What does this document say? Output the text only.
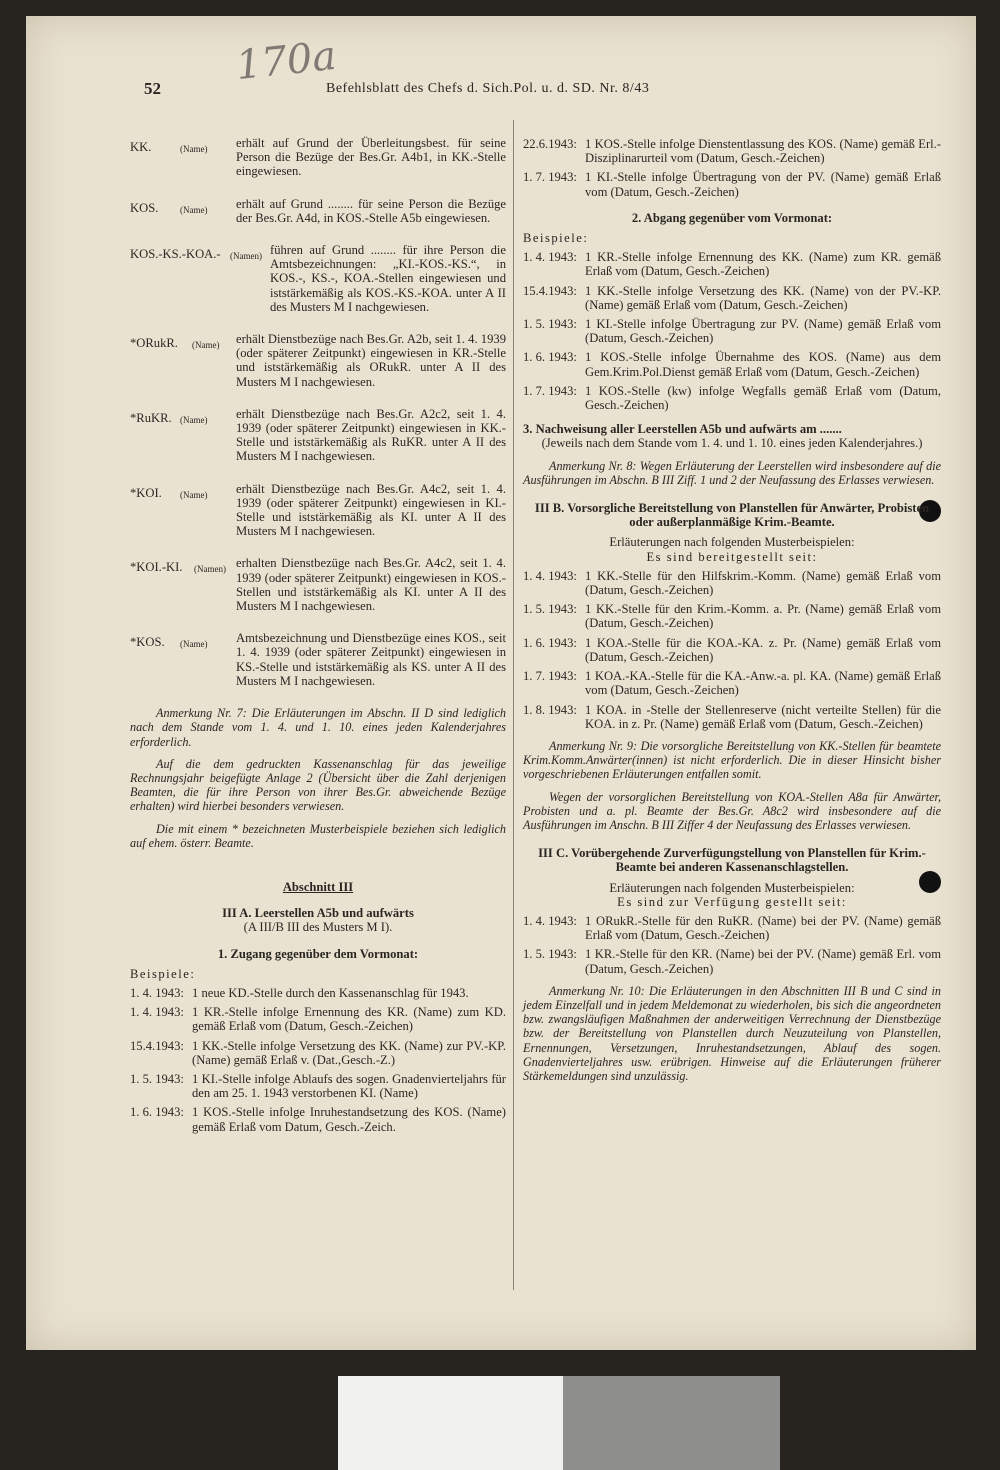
170a
52	Befehlsblatt des Chefs d. Sich.Pol. u. d. SD. Nr. 8/43
KK.	(Name)	erhält auf Grund der Überleitungsbest. für seine Person die Bezüge der Bes.Gr. A4b1, in KK.-Stelle eingewiesen.
KOS.	(Name)	erhält auf Grund ........ für seine Person die Bezüge der Bes.Gr. A4d, in KOS.-Stelle A5b eingewiesen.
KOS.-KS.-KOA.-	(Namen) führen auf Grund ........ für ihre Person die Amtsbezeichnungen: „KI.-KOS.-KS.“, in KOS.-, KS.-, KOA.-Stellen eingewiesen und iststärkemäßig als KOS.-KS.-KOA. unter A II des Musters M I nachgewiesen.
*ORukR.	(Name)	erhält Dienstbezüge nach Bes.Gr. A2b, seit 1. 4. 1939 (oder späterer Zeitpunkt) eingewiesen in KR.-Stelle und iststärkemäßig als ORukR. unter A II des Musters M I nachgewiesen.
*RuKR. (Name)	erhält Dienstbezüge nach Bes.Gr. A2c2, seit 1. 4. 1939 (oder späterer Zeitpunkt) eingewiesen in KK.-Stelle und iststärkemäßig als RuKR. unter A II des Musters M I nachgewiesen.
*KOI.	(Name)	erhält Dienstbezüge nach Bes.Gr. A4c2, seit 1. 4. 1939 (oder späterer Zeitpunkt) eingewiesen in KI.-Stelle und iststärkemäßig als KI. unter A II des Musters M I nachgewiesen.
*KOI.-KI.	(Namen) erhalten Dienstbezüge nach Bes.Gr. A4c2, seit 1. 4. 1939 (oder späterer Zeitpunkt) eingewiesen in KOS.-Stellen und iststärkemäßig als KI. unter A II des Musters M I nachgewiesen.
*KOS.	(Name)	Amtsbezeichnung und Dienstbezüge eines KOS., seit 1. 4. 1939 (oder späterer Zeitpunkt) eingewiesen in KS.-Stelle und iststärkemäßig als KS. unter A II des Musters M I nachgewiesen.

Anmerkung Nr. 7: Die Erläuterungen im Abschn. II D sind lediglich nach dem Stande vom 1. 4. und 1. 10. eines jeden Kalenderjahres erforderlich.

Auf die dem gedruckten Kassenanschlag für das jeweilige Rechnungsjahr beigefügte Anlage 2 (Übersicht über die Zahl derjenigen Beamten, die für ihre Person von ihrer Bes.Gr. abweichende Bezüge erhalten) wird hierbei besonders verwiesen.

Die mit einem * bezeichneten Musterbeispiele beziehen sich lediglich auf ehem. österr. Beamte.

Abschnitt III

III A. Leerstellen A5b und aufwärts

(A III/B III des Musters M I).

1. Zugang gegenüber dem Vormonat:

Beispiele:

1. 4. 1943: 1 neue KD.-Stelle durch den Kassenanschlag für 1943.
1. 4. 1943: 1 KR.-Stelle infolge Ernennung des KR. (Name) zum KD. gemäß Erlaß vom (Datum, Gesch.-Zeichen)
15.4.1943: 1 KK.-Stelle infolge Versetzung des KK. (Name) zur PV.-KP. (Name) gemäß Erlaß v. (Dat.,Gesch.-Z.)
1. 5. 1943: 1 KI.-Stelle infolge Ablaufs des sogen. Gnadenvierteljahrs für den am 25. 1. 1943 verstorbenen KI. (Name)
1. 6. 1943: 1 KOS.-Stelle infolge Inruhestandsetzung des KOS. (Name) gemäß Erlaß vom Datum, Gesch.-Zeich.
22.6.1943: 1 KOS.-Stelle infolge Dienstentlassung des KOS. (Name) gemäß Erl.-Disziplinarurteil vom (Datum, Gesch.-Zeichen)
1. 7. 1943: 1 KI.-Stelle infolge Übertragung von der PV. (Name) gemäß Erlaß vom (Datum, Gesch.-Zeichen)

2. Abgang gegenüber vom Vormonat:

Beispiele:

1. 4. 1943: 1 KR.-Stelle infolge Ernennung des KK. (Name) zum KR. gemäß Erlaß vom (Datum, Gesch.-Zeichen)
15.4.1943: 1 KK.-Stelle infolge Versetzung des KK. (Name) von der PV.-KP. (Name) gemäß Erlaß vom (Datum, Gesch.-Zeichen)
1. 5. 1943: 1 KI.-Stelle infolge Übertragung zur PV. (Name) gemäß Erlaß vom (Datum, Gesch.-Zeichen)
1. 6. 1943: 1 KOS.-Stelle infolge Übernahme des KOS. (Name) aus dem Gem.Krim.Pol.Dienst gemäß Erlaß vom (Datum, Gesch.-Zeichen)
1. 7. 1943: 1 KOS.-Stelle (kw) infolge Wegfalls gemäß Erlaß vom (Datum, Gesch.-Zeichen)

3. Nachweisung aller Leerstellen A5b und aufwärts am .......

(Jeweils nach dem Stande vom 1. 4. und 1. 10. eines jeden Kalenderjahres.)

Anmerkung Nr. 8: Wegen Erläuterung der Leerstellen wird insbesondere auf die Ausführungen im Abschn. B III Ziff. 1 und 2 der Neufassung des Erlasses verwiesen.

III B. Vorsorgliche Bereitstellung von Planstellen für Anwärter, Probisten oder außerplanmäßige Krim.-Beamte.

Erläuterungen nach folgenden Musterbeispielen:

Es sind bereitgestellt seit:

1. 4. 1943: 1 KK.-Stelle für den Hilfskrim.-Komm. (Name) gemäß Erlaß vom (Datum, Gesch.-Zeichen)
1. 5. 1943: 1 KK.-Stelle für den Krim.-Komm. a. Pr. (Name) gemäß Erlaß vom (Datum, Gesch.-Zeichen)
1. 6. 1943: 1 KOA.-Stelle für die KOA.-KA. z. Pr. (Name) gemäß Erlaß vom (Datum, Gesch.-Zeichen)
1. 7. 1943: 1 KOA.-KA.-Stelle für die KA.-Anw.-a. pl. KA. (Name) gemäß Erlaß vom (Datum, Gesch.-Zeichen)
1. 8. 1943: 1 KOA. in -Stelle der Stellenreserve (nicht verteilte Stellen) für die KOA. in z. Pr. (Name) gemäß Erlaß vom (Datum, Gesch.-Zeichen)

Anmerkung Nr. 9: Die vorsorgliche Bereitstellung von KK.-Stellen für beamtete Krim.Komm.Anwärter(innen) ist nicht erforderlich. Die in dieser Hinsicht bisher vorgeschriebenen Erläuterungen entfallen somit.

Wegen der vorsorglichen Bereitstellung von KOA.-Stellen A8a für Anwärter, Probisten und a. pl. Beamte der Bes.Gr. A8c2 wird insbesondere auf die Ausführungen im Anschn. B III Ziffer 4 der Neufassung des Erlasses verwiesen.

III C. Vorübergehende Zurverfügungstellung von Planstellen für Krim.-Beamte bei anderen Kassenanschlagstellen.

Erläuterungen nach folgenden Musterbeispielen:

Es sind zur Verfügung gestellt seit:

1. 4. 1943: 1 ORukR.-Stelle für den RuKR. (Name) bei der PV. (Name) gemäß Erlaß vom (Datum, Gesch.-Zeichen)
1. 5. 1943: 1 KR.-Stelle für den KR. (Name) bei der PV. (Name) gemäß Erl. vom (Datum, Gesch.-Zeichen)

Anmerkung Nr. 10: Die Erläuterungen in den Abschnitten III B und C sind in jedem Einzelfall und in jedem Meldemonat zu wiederholen, bis sich die angeordneten bzw. zwangsläufigen Maßnahmen der anderweitigen Verrechnung der Dienstbezüge bzw. der Bereitstellung von Planstellen durch Neuzuteilung von Planstellen, Ernennungen, Versetzungen, Inruhestandsetzungen, Ablauf des sogen. Gnadenvierteljahres usw. erübrigen. Hinweise auf die Erläuterungen früherer Stärkemeldungen sind unzulässig.
